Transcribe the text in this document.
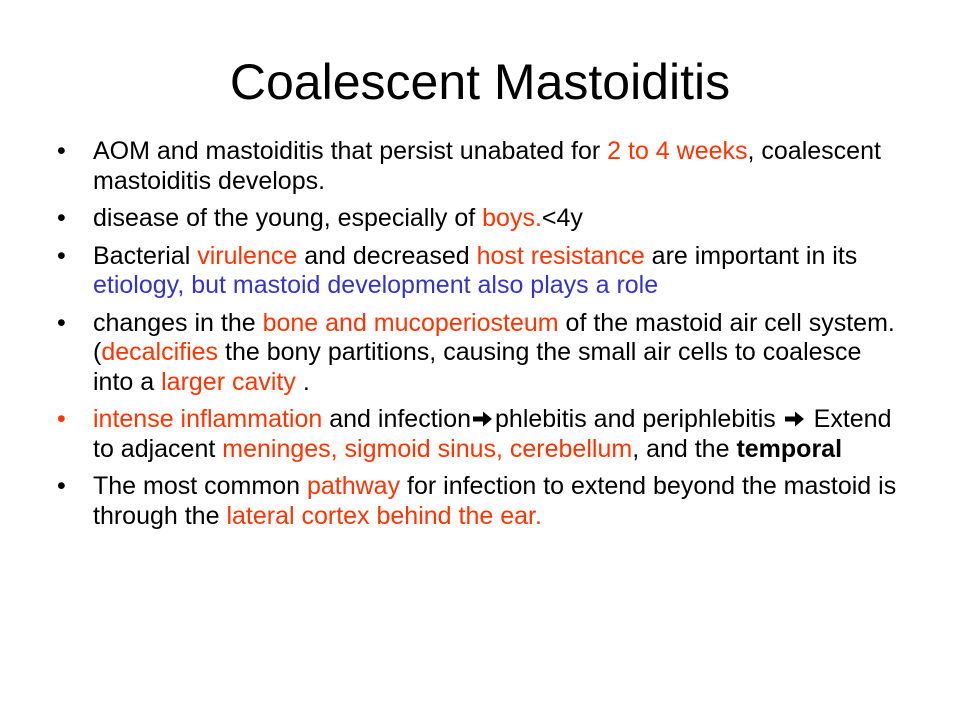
Coalescent Mastoiditis
•	AOM and mastoiditis that persist unabated for 2 to 4 weeks, coalescent mastoiditis develops.
•	disease of the young, especially of boys.<4y
•	Bacterial virulence and decreased host resistance are important in its etiology, but mastoid development also plays a role
•	changes in the bone and mucoperiosteum of the mastoid air cell system.(decalcifies the bony partitions, causing the small air cells to coalesce into a larger cavity .
•	intense inflammation and infection phlebitis and periphlebitis  Extend to adjacent meninges, sigmoid sinus, cerebellum, and the temporal
•	The most common pathway for infection to extend beyond the mastoid is through the lateral cortex behind the ear.
